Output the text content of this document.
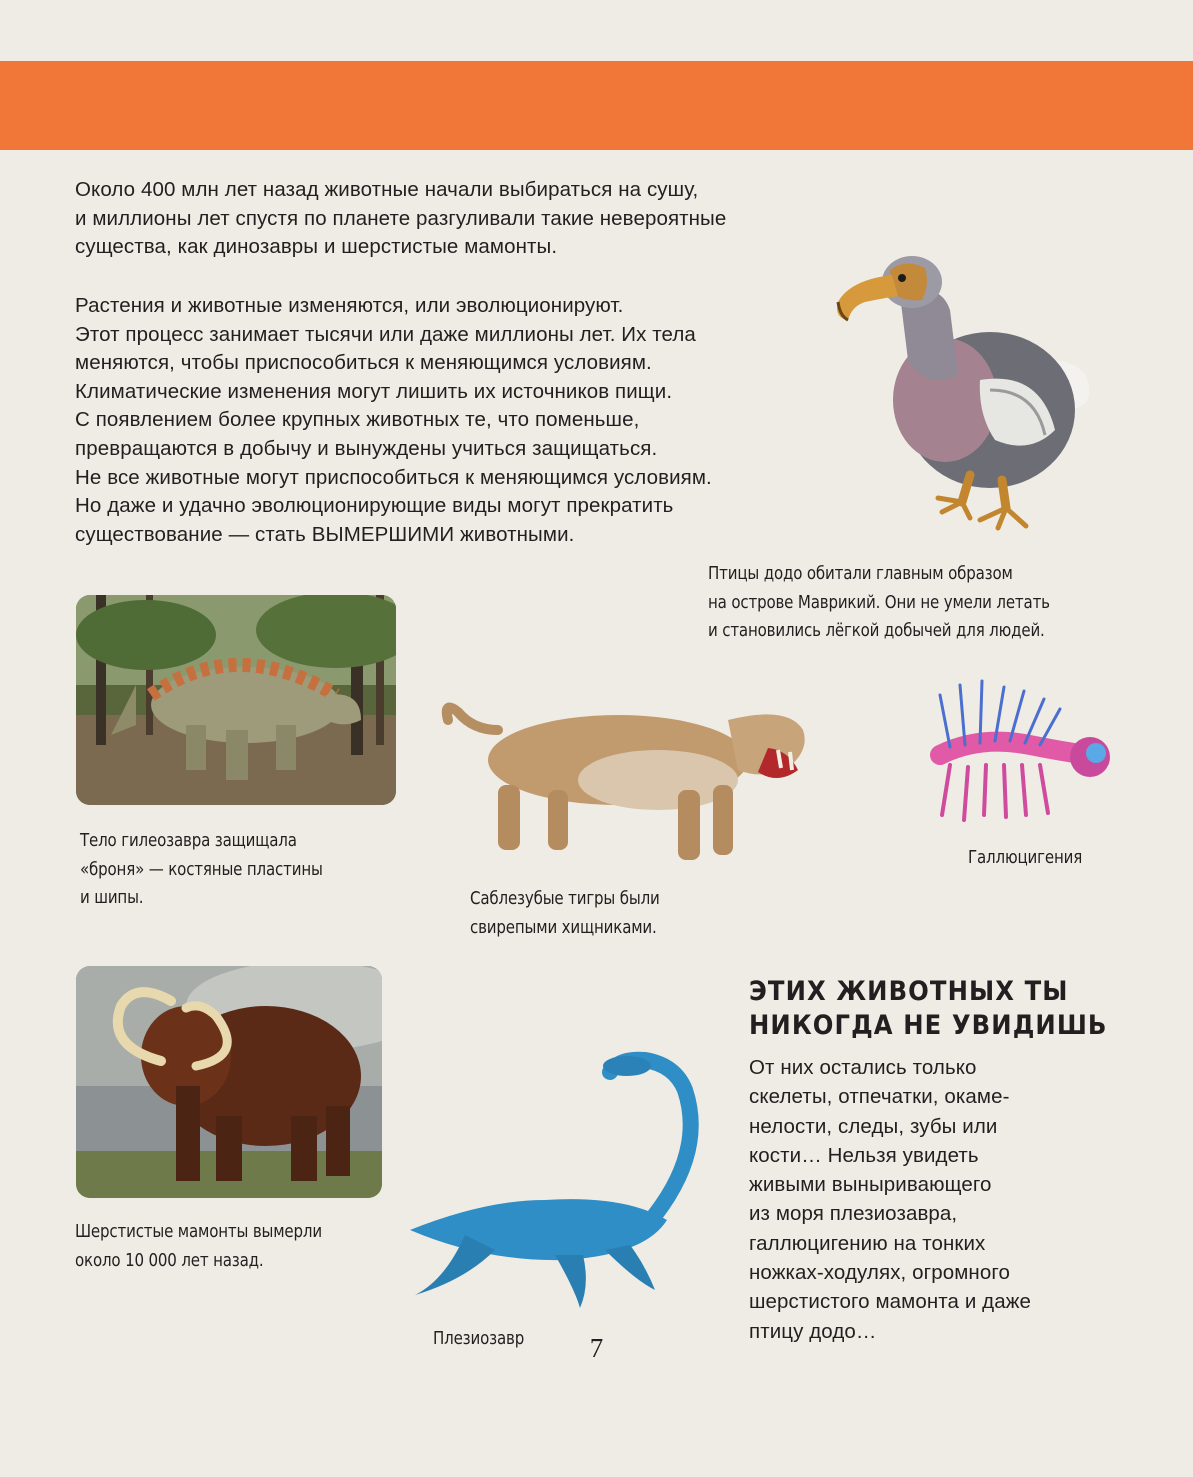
Около 400 млн лет назад животные начали выбираться на сушу,
и миллионы лет спустя по планете разгуливали такие невероятные
существа, как динозавры и шерстистые мамонты.
Растения и животные изменяются, или эволюционируют.
Этот процесс занимает тысячи или даже миллионы лет. Их тела
меняются, чтобы приспособиться к меняющимся условиям.
Климатические изменения могут лишить их источников пищи.
С появлением более крупных животных те, что поменьше,
превращаются в добычу и вынуждены учиться защищаться.
Не все животные могут приспособиться к меняющимся условиям.
Но даже и удачно эволюционирующие виды могут прекратить
существование — стать ВЫМЕРШИМИ животными.
Птицы додо обитали главным образом
на острове Маврикий. Они не умели летать
и становились лёгкой добычей для людей.
Тело гилеозавра защищала
«броня» — костяные пластины
и шипы.	Саблезубые тигры были
свирепыми хищниками.
Галлюцигения
Шерстистые мамонты вымерли
около 10 000 лет назад.
Плезиозавр
ЭТИХ ЖИВОТНЫХ ТЫ
НИКОГДА НЕ УВИДИШЬ
От них остались только
скелеты, отпечатки, окаме-
нелости, следы, зубы или
кости… Нельзя увидеть
живыми выныривающего
из моря плезиозавра,
галлюцигению на тонких
ножках-ходулях, огромного
шерстистого мамонта и даже
птицу додо…
7
